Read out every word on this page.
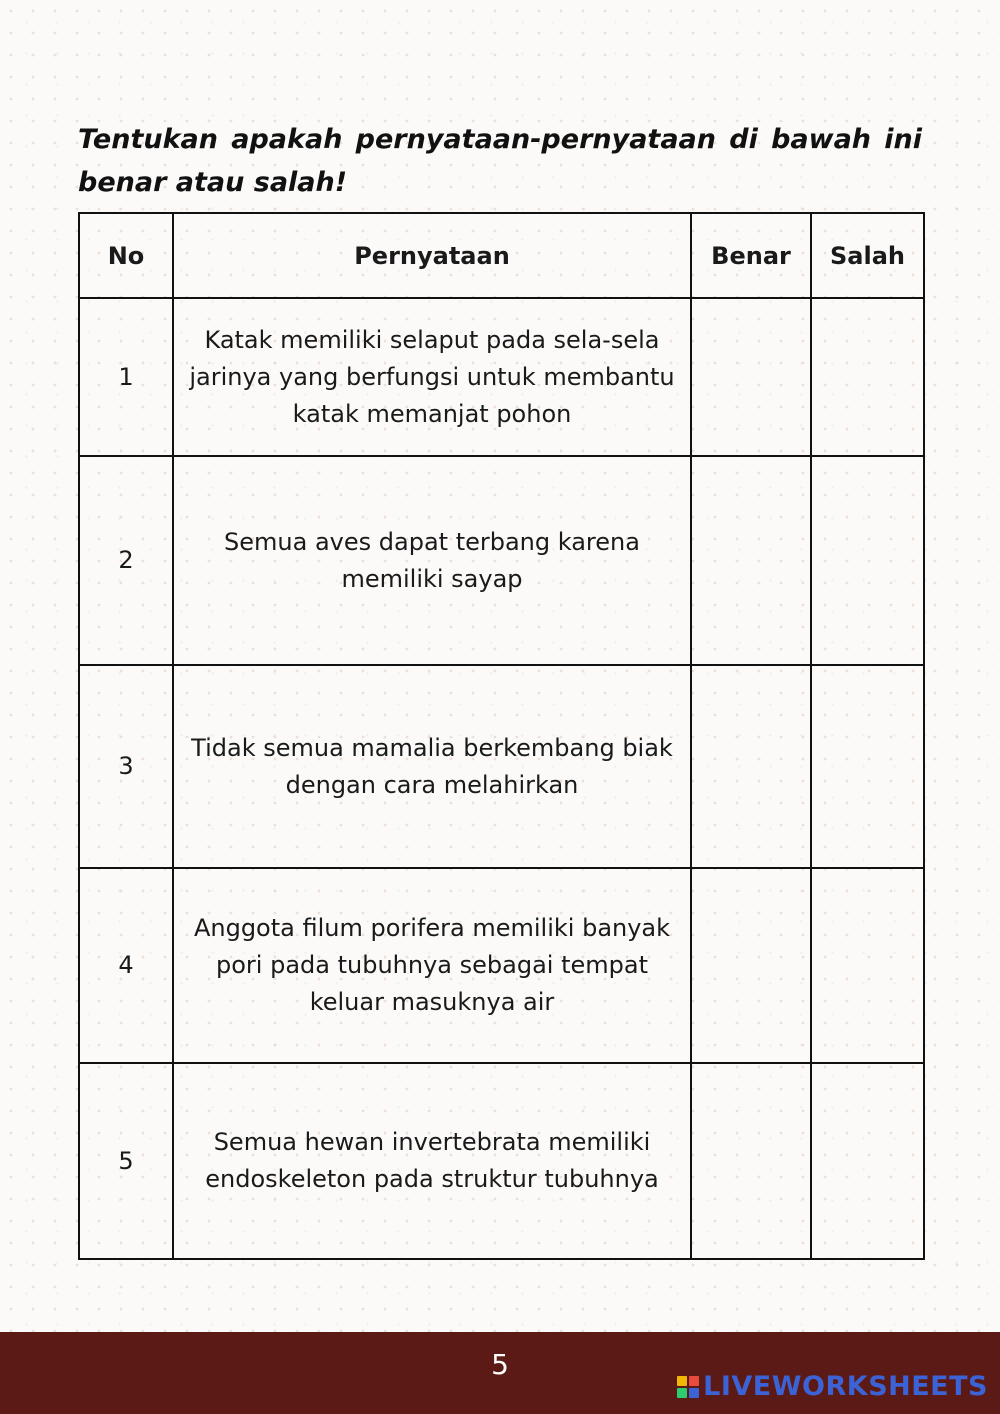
Tentukan apakah pernyataan-pernyataan di bawah ini benar atau salah!

No	Pernyataan	Benar	Salah
1	Katak memiliki selaput pada sela-sela jarinya yang berfungsi untuk membantu katak memanjat pohon		
2	Semua aves dapat terbang karena memiliki sayap		
3	Tidak semua mamalia berkembang biak dengan cara melahirkan		
4	Anggota filum porifera memiliki banyak pori pada tubuhnya sebagai tempat keluar masuknya air		
5	Semua hewan invertebrata memiliki endoskeleton pada struktur tubuhnya		
5
LIVEWORKSHEETS
